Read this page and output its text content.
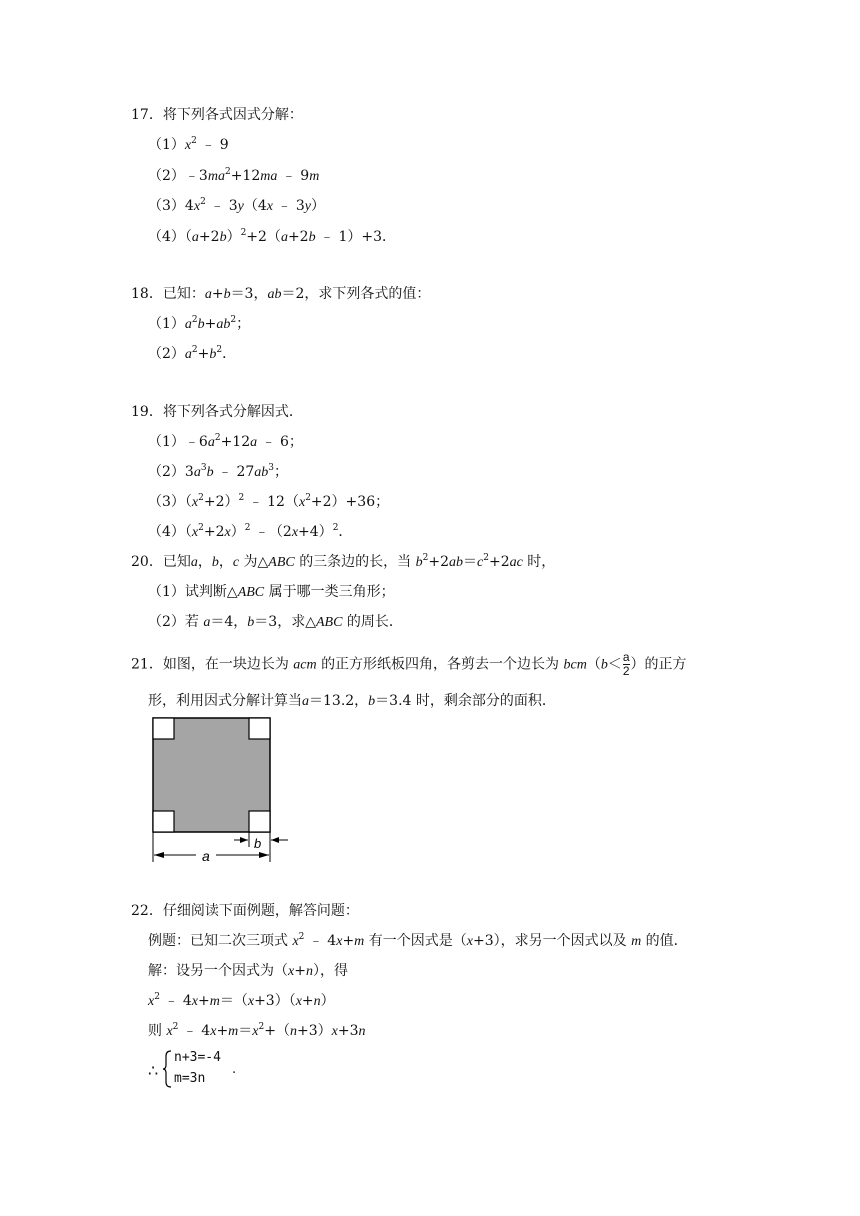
17．将下列各式因式分解：
$(1)x^2$ ﹣ 9
$(2)﹣3ma^2+12ma$ ﹣ 9m
$(3)4x^2$ ﹣ 3y（4x ﹣ 3y）
$(4)(a+2b)^2+2(a+2b$ ﹣ 1）+3．
18．已知：a+b＝3，ab＝2，求下列各式的值：
$(1)a^2b+ab^2$；
$(2)a^2+b^2$．
19．将下列各式分解因式．
$(1)﹣6a^2+12a$ ﹣ 6；
$(2)3a^3b$ ﹣ $27ab^3$；
$(3)(x^2+2)^2$ ﹣ $12(x^2+2)+36$；
$(4)(x^2+2x)^2$ $﹣(2x+4)^2$．
20．已知a，b，c 为△ABC 的三条边的长，当 $b^2+2ab=c^2+2ac$ 时，
（1）试判断△ABC 属于哪一类三角形；
（2）若 a＝4，b＝3，求△ABC 的周长．
21．如图，在一块边长为 acm 的正方形纸板四角，各剪去一个边长为 $bcm(b< \frac{a}{2}$ ）的正方
形，利用因式分解计算当a＝13.2，b＝3.4 时，剩余部分的面积．
a
b
22．仔细阅读下面例题，解答问题：
例题：已知二次三项式 $x^2$ ﹣ 4x+m 有一个因式是（x+3），求另一个因式以及 m 的值．
解：设另一个因式为（x+n），得
$x^2$ ﹣ 4x+m＝（x+3）（x+n）
则 $x^2$ ﹣ $4x+m=x^2+(n+3)x+3n$
∴
n+3=-4
m=3n
.
